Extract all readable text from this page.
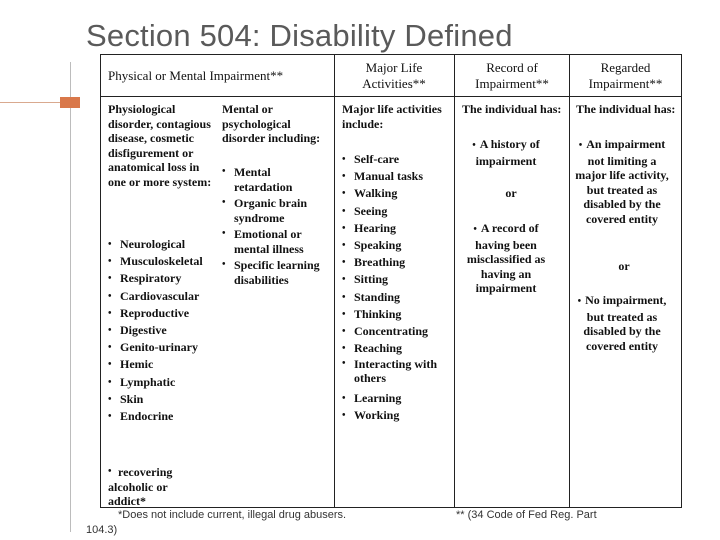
Section 504: Disability Defined
Physical or Mental Impairment**
Major Life Activities**
Record of Impairment**
Regarded Impairment**
Physiological disorder, contagious disease, cosmetic disfigurement or anatomical loss in one or more system:
• Neurological
• Musculoskeletal
• Respiratory
• Cardiovascular
• Reproductive
• Digestive
• Genito-urinary
• Hemic
• Lymphatic
• Skin
• Endocrine
• recovering alcoholic or addict*
Mental or psychological disorder including:
• Mental retardation
• Organic brain syndrome
• Emotional or mental illness
• Specific learning disabilities
Major life activities include:
• Self-care
• Manual tasks
• Walking
• Seeing
• Hearing
• Speaking
• Breathing
• Sitting
• Standing
• Thinking
• Concentrating
• Reaching
• Interacting with others
• Learning
• Working
The individual has:
• A history of impairment
or
• A record of having been misclassified as having an impairment
The individual has:
• An impairment not limiting a major life activity, but treated as disabled by the covered entity
or
• No impairment, but treated as disabled by the covered entity
*Does not include current, illegal drug abusers.	** (34 Code of Fed Reg. Part
104.3)
